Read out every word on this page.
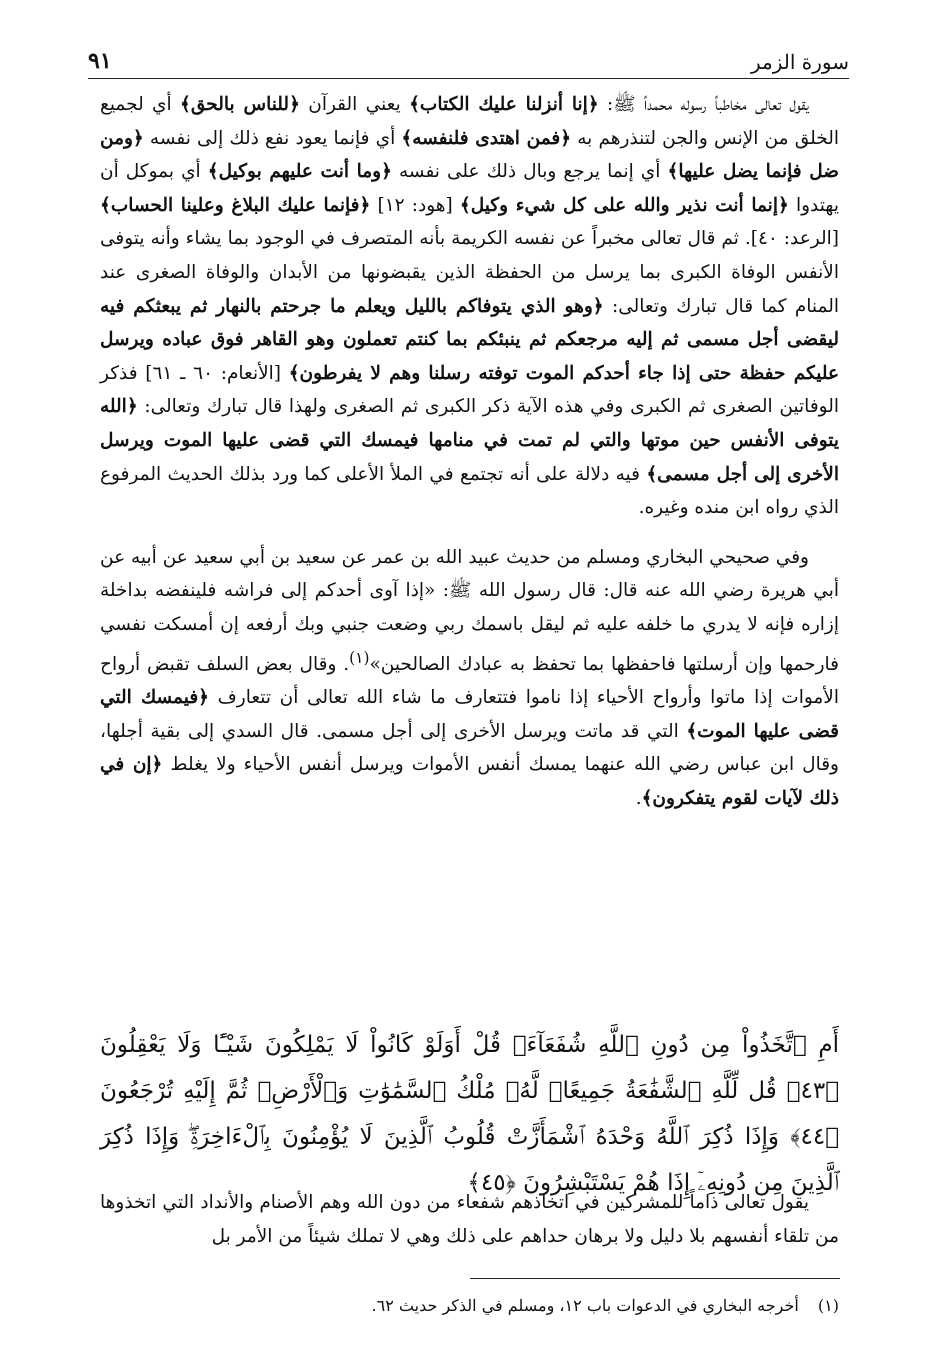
سورة الزمر
٩١

يقول تعالى مخاطباً رسوله محمداً ﷺ: ﴿إنا أنزلنا عليك الكتاب﴾ يعني القرآن ﴿للناس بالحق﴾ أي لجميع الخلق من الإنس والجن لتنذرهم به ﴿فمن اهتدى فلنفسه﴾ أي فإنما يعود نفع ذلك إلى نفسه ﴿ومن ضل فإنما يضل عليها﴾ أي إنما يرجع وبال ذلك على نفسه ﴿وما أنت عليهم بوكيل﴾ أي بموكل أن يهتدوا ﴿إنما أنت نذير والله على كل شيء وكيل﴾ [هود: ١٢] ﴿فإنما عليك البلاغ وعلينا الحساب﴾ [الرعد: ٤٠]. ثم قال تعالى مخبراً عن نفسه الكريمة بأنه المتصرف في الوجود بما يشاء وأنه يتوفى الأنفس الوفاة الكبرى بما يرسل من الحفظة الذين يقبضونها من الأبدان والوفاة الصغرى عند المنام كما قال تبارك وتعالى: ﴿وهو الذي يتوفاكم بالليل ويعلم ما جرحتم بالنهار ثم يبعثكم فيه ليقضى أجل مسمى ثم إليه مرجعكم ثم ينبئكم بما كنتم تعملون وهو القاهر فوق عباده ويرسل عليكم حفظة حتى إذا جاء أحدكم الموت توفته رسلنا وهم لا يفرطون﴾ [الأنعام: ٦٠ ـ ٦١] فذكر الوفاتين الصغرى ثم الكبرى وفي هذه الآية ذكر الكبرى ثم الصغرى ولهذا قال تبارك وتعالى: ﴿الله يتوفى الأنفس حين موتها والتي لم تمت في منامها فيمسك التي قضى عليها الموت ويرسل الأخرى إلى أجل مسمى﴾ فيه دلالة على أنه تجتمع في الملأ الأعلى كما ورد بذلك الحديث المرفوع الذي رواه ابن منده وغيره.

وفي صحيحي البخاري ومسلم من حديث عبيد الله بن عمر عن سعيد بن أبي سعيد عن أبيه عن أبي هريرة رضي الله عنه قال: قال رسول الله ﷺ: «إذا آوى أحدكم إلى فراشه فلينفضه بداخلة إزاره فإنه لا يدري ما خلفه عليه ثم ليقل باسمك ربي وضعت جنبي وبك أرفعه إن أمسكت نفسي فارحمها وإن أرسلتها فاحفظها بما تحفظ به عبادك الصالحين»$^{(١)}$. وقال بعض السلف تقبض أرواح الأموات إذا ماتوا وأرواح الأحياء إذا ناموا فتتعارف ما شاء الله تعالى أن تتعارف ﴿فيمسك التي قضى عليها الموت﴾ التي قد ماتت ويرسل الأخرى إلى أجل مسمى. قال السدي إلى بقية أجلها، وقال ابن عباس رضي الله عنهما يمسك أنفس الأموات ويرسل أنفس الأحياء ولا يغلط ﴿إن في ذلك لآيات لقوم يتفكرون﴾.

أَمِ ٱتَّخَذُواْ مِن دُونِ ٱللَّهِ شُفَعَآءَۚ قُلْ أَوَلَوْ كَانُواْ لَا يَمْلِكُونَ شَيْـًٔا وَلَا يَعْقِلُونَ ﴿٤٣﴾ قُل لِّلَّهِ ٱلشَّفَٰعَةُ جَمِيعًاۖ لَّهُۥ مُلْكُ ٱلسَّمَٰوَٰتِ وَٱلْأَرْضِۖ ثُمَّ إِلَيْهِ تُرْجَعُونَ ﴿٤٤﴾ وَإِذَا ذُكِرَ ٱللَّهُ وَحْدَهُ ٱشْمَأَزَّتْ قُلُوبُ ٱلَّذِينَ لَا يُؤْمِنُونَ بِٱلْءَاخِرَةِۖ وَإِذَا ذُكِرَ ٱلَّذِينَ مِن دُونِهِۦٓ إِذَا هُمْ يَسْتَبْشِرُونَ ﴿٤٥﴾
يقول تعالى ذاماً للمشركين في اتخاذهم شفعاء من دون الله وهم الأصنام والأنداد التي اتخذوها من تلقاء أنفسهم بلا دليل ولا برهان حداهم على ذلك وهي لا تملك شيئاً من الأمر بل
(١) أخرجه البخاري في الدعوات باب ١٢، ومسلم في الذكر حديث ٦٢.
